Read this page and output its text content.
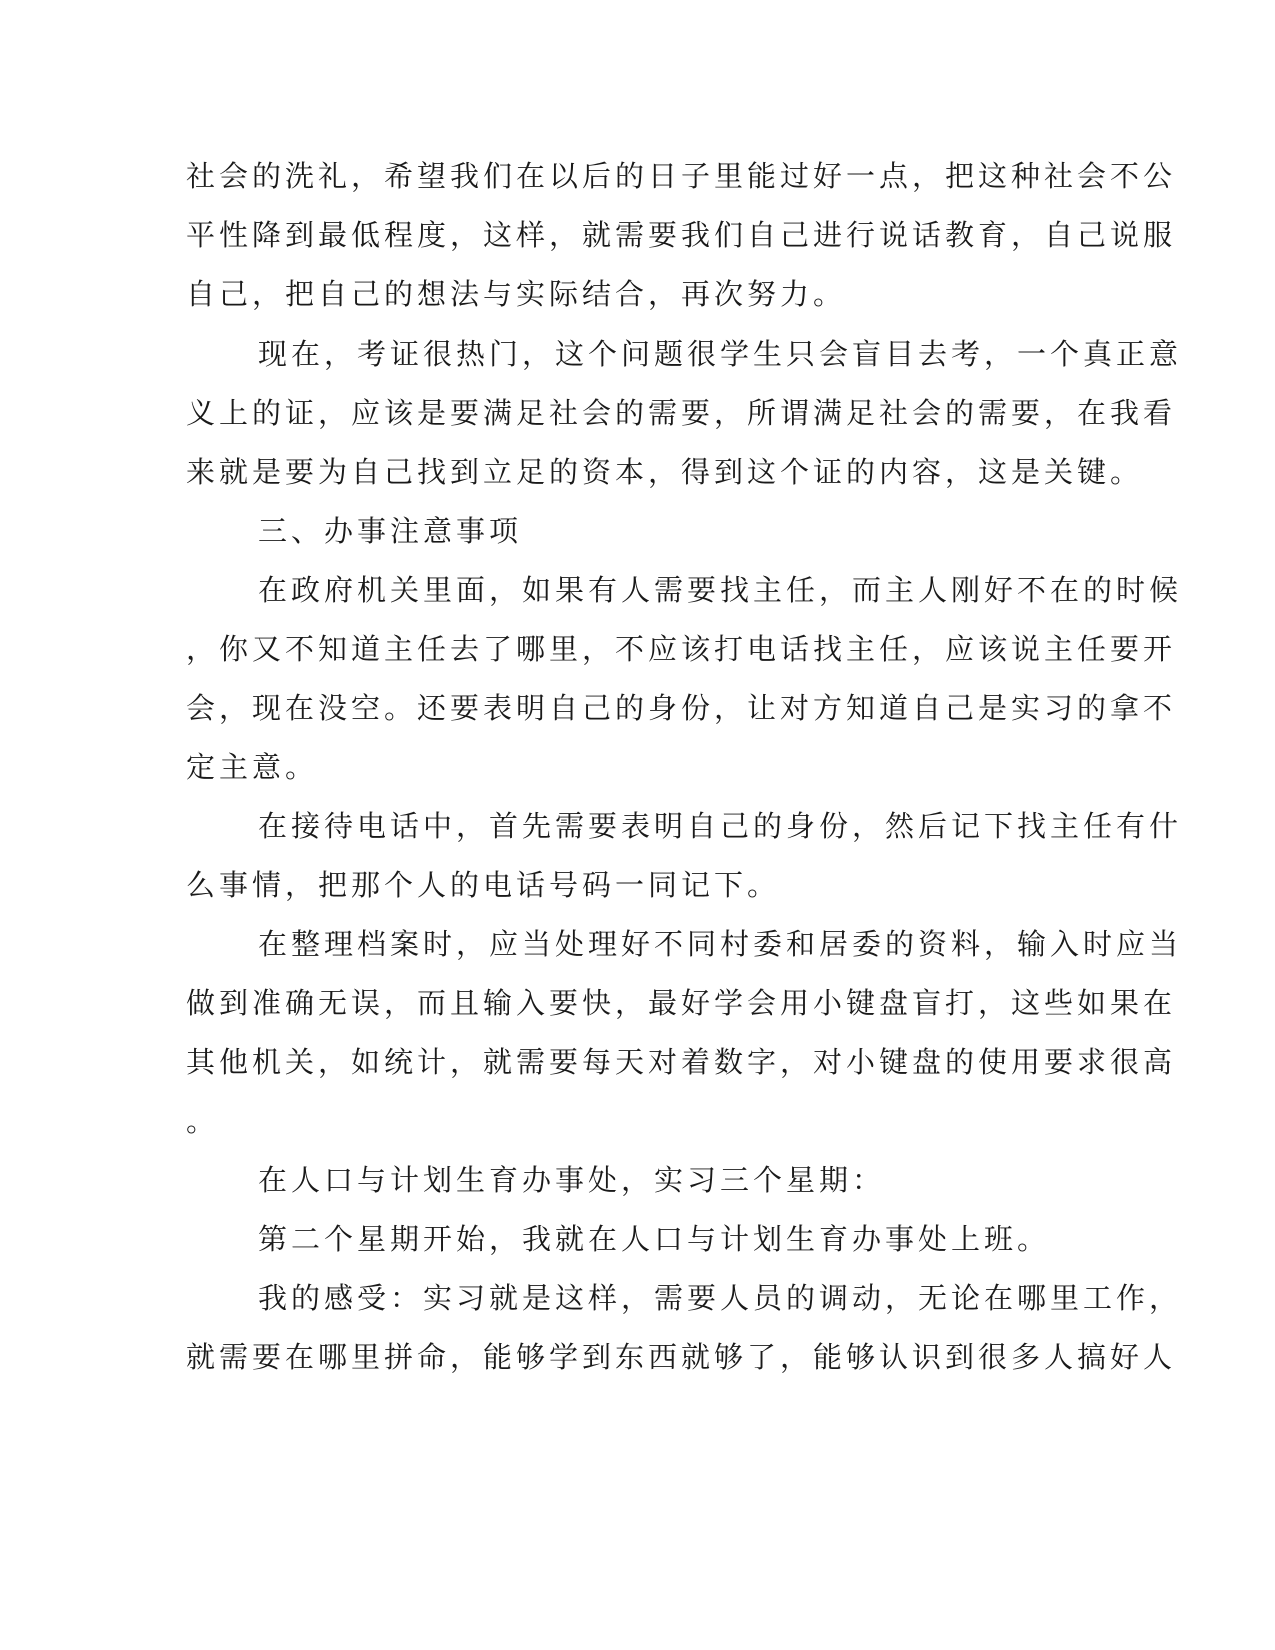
社会的洗礼，希望我们在以后的日子里能过好一点，把这种社会不公
平性降到最低程度，这样，就需要我们自己进行说话教育，自己说服
自己，把自己的想法与实际结合，再次努力。
现在，考证很热门，这个问题很学生只会盲目去考，一个真正意
义上的证，应该是要满足社会的需要，所谓满足社会的需要，在我看
来就是要为自己找到立足的资本，得到这个证的内容，这是关键。
三、办事注意事项
在政府机关里面，如果有人需要找主任，而主人刚好不在的时候
，你又不知道主任去了哪里，不应该打电话找主任，应该说主任要开
会，现在没空。还要表明自己的身份，让对方知道自己是实习的拿不
定主意。
在接待电话中，首先需要表明自己的身份，然后记下找主任有什
么事情，把那个人的电话号码一同记下。
在整理档案时，应当处理好不同村委和居委的资料，输入时应当
做到准确无误，而且输入要快，最好学会用小键盘盲打，这些如果在
其他机关，如统计，就需要每天对着数字，对小键盘的使用要求很高
。
在人口与计划生育办事处，实习三个星期：
第二个星期开始，我就在人口与计划生育办事处上班。
我的感受：实习就是这样，需要人员的调动，无论在哪里工作，
就需要在哪里拼命，能够学到东西就够了，能够认识到很多人搞好人
